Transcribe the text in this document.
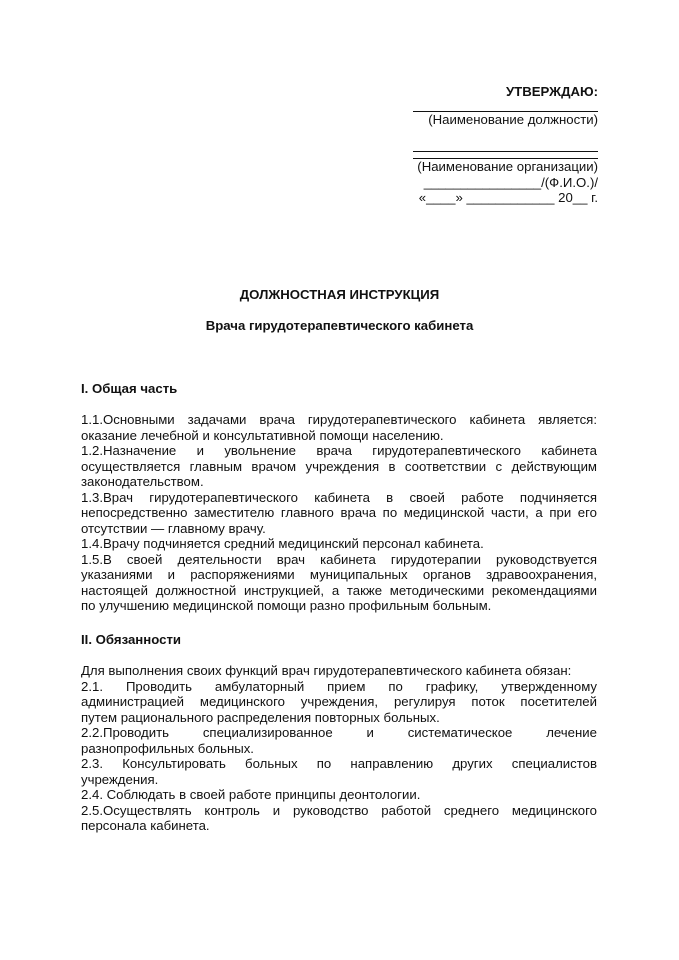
УТВЕРЖДАЮ:
(Наименование должности)
(Наименование организации)
________________/(Ф.И.О.)/
«____» ____________ 20__ г.
ДОЛЖНОСТНАЯ ИНСТРУКЦИЯ
Врача гирудотерапевтического кабинета
I. Общая часть
1.1.Основными задачами врача гирудотерапевтического кабинета является:
оказание лечебной и консультативной помощи населению.
1.2.Назначение и увольнение врача гирудотерапевтического кабинета
осуществляется главным врачом учреждения в соответствии с действующим
законодательством.
1.3.Врач гирудотерапевтического кабинета в своей работе подчиняется
непосредственно заместителю главного врача по медицинской части, а при его
отсутствии — главному врачу.
1.4.Врачу подчиняется средний медицинский персонал кабинета.
1.5.В своей деятельности врач кабинета гирудотерапии руководствуется
указаниями и распоряжениями муниципальных органов здравоохранения,
настоящей должностной инструкцией, а также методическими рекомендациями
по улучшению медицинской помощи разно профильным больным.
II. Обязанности
Для выполнения своих функций врач гирудотерапевтического кабинета обязан:
2.1. Проводить амбулаторный прием по графику, утвержденному
администрацией медицинского учреждения, регулируя поток посетителей
путем рационального распределения повторных больных.
2.2.Проводить специализированное и систематическое лечение
разнопрофильных больных.
2.3. Консультировать больных по направлению других специалистов
учреждения.
2.4. Соблюдать в своей работе принципы деонтологии.
2.5.Осуществлять контроль и руководство работой среднего медицинского
персонала кабинета.
